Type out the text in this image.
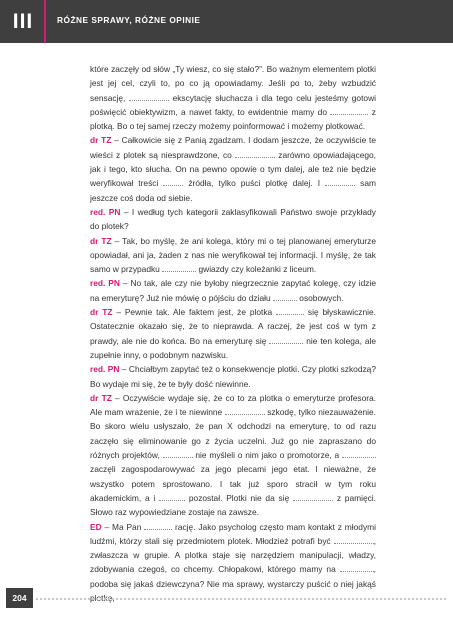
III	RÓŻNE SPRAWY, RÓŻNE OPINIE

które zaczęły od słów „Ty wiesz, co się stało?”. Bo ważnym elementem plotki jest jej cel, czyli to, po co ją opowiadamy. Jeśli po to, żeby wzbudzić sensację,	ekscytację słuchacza i dla tego celu jesteśmy gotowi poświęcić obiektywizm, a nawet fakty, to ewidentnie mamy do	z plotką. Bo o tej samej rzeczy możemy poinformować i możemy plotkować.

dr TZ – Całkowicie się z Panią zgadzam. I dodam jeszcze, że oczywiście te wieści z plotek są niesprawdzone, co	zarówno opowiadającego, jak i tego, kto słucha. On na pewno opowie o tym dalej, ale też nie będzie weryfikował treści  źródła, tylko puści plotkę dalej. I	sam jeszcze coś doda od siebie.

red. PN – I według tych kategorii zaklasyfikowali Państwo swoje przykłady do plotek?

dr TZ – Tak, bo myślę, że ani kolega, który mi o tej planowanej emeryturze opowiadał, ani ja, żaden z nas nie weryfikował tej informacji. I myślę, że tak samo w przypadku	gwiazdy czy koleżanki z liceum.

red. PN – No tak, ale czy nie byłoby niegrzecznie zapytać kolegę, czy idzie na emeryturę? Już nie mówię o pójściu do działu	osobowych.

dr TZ – Pewnie tak. Ale faktem jest, że plotka	się błyskawicznie. Ostatecznie okazało się, że to nieprawda. A raczej, że jest coś w tym z prawdy, ale nie do końca. Bo na emeryturę się	nie ten kolega, ale zupełnie inny, o podobnym nazwisku.

red. PN – Chciałbym zapytać też o konsekwencje plotki. Czy plotki szkodzą? Bo wydaje mi się, że te były dość niewinne.

dr TZ – Oczywiście wydaje się, że co to za plotka o emeryturze profesora. Ale mam wrażenie, że i te niewinne	szkodę, tylko niezauważenie. Bo skoro wielu usłyszało, że pan X odchodzi na emeryturę, to od razu zaczęło się eliminowanie go z życia uczelni. Już go nie zapraszano do różnych projektów,	nie myśleli o nim jako o promotorze, a  zaczęli zagospodarowywać za jego plecami jego etat. I nieważne, że wszystko potem sprostowano. I tak już sporo stracił w tym roku akademickim, a i	pozostał. Plotki nie da się	z pamięci. Słowo raz wypowiedziane zostaje na zawsze.

ED – Ma Pan	rację. Jako psycholog często mam kontakt z młodymi ludźmi, którzy stali się przedmiotem plotek. Młodzież potrafi być	, zwłaszcza w grupie. A plotka staje się narzędziem manipulacji, władzy, zdobywania czegoś, co chcemy. Chłopakowi, którego mamy na	, podoba się jakaś dziewczyna? Nie ma sprawy, wystarczy puścić o niej jakąś plotkę,

204
